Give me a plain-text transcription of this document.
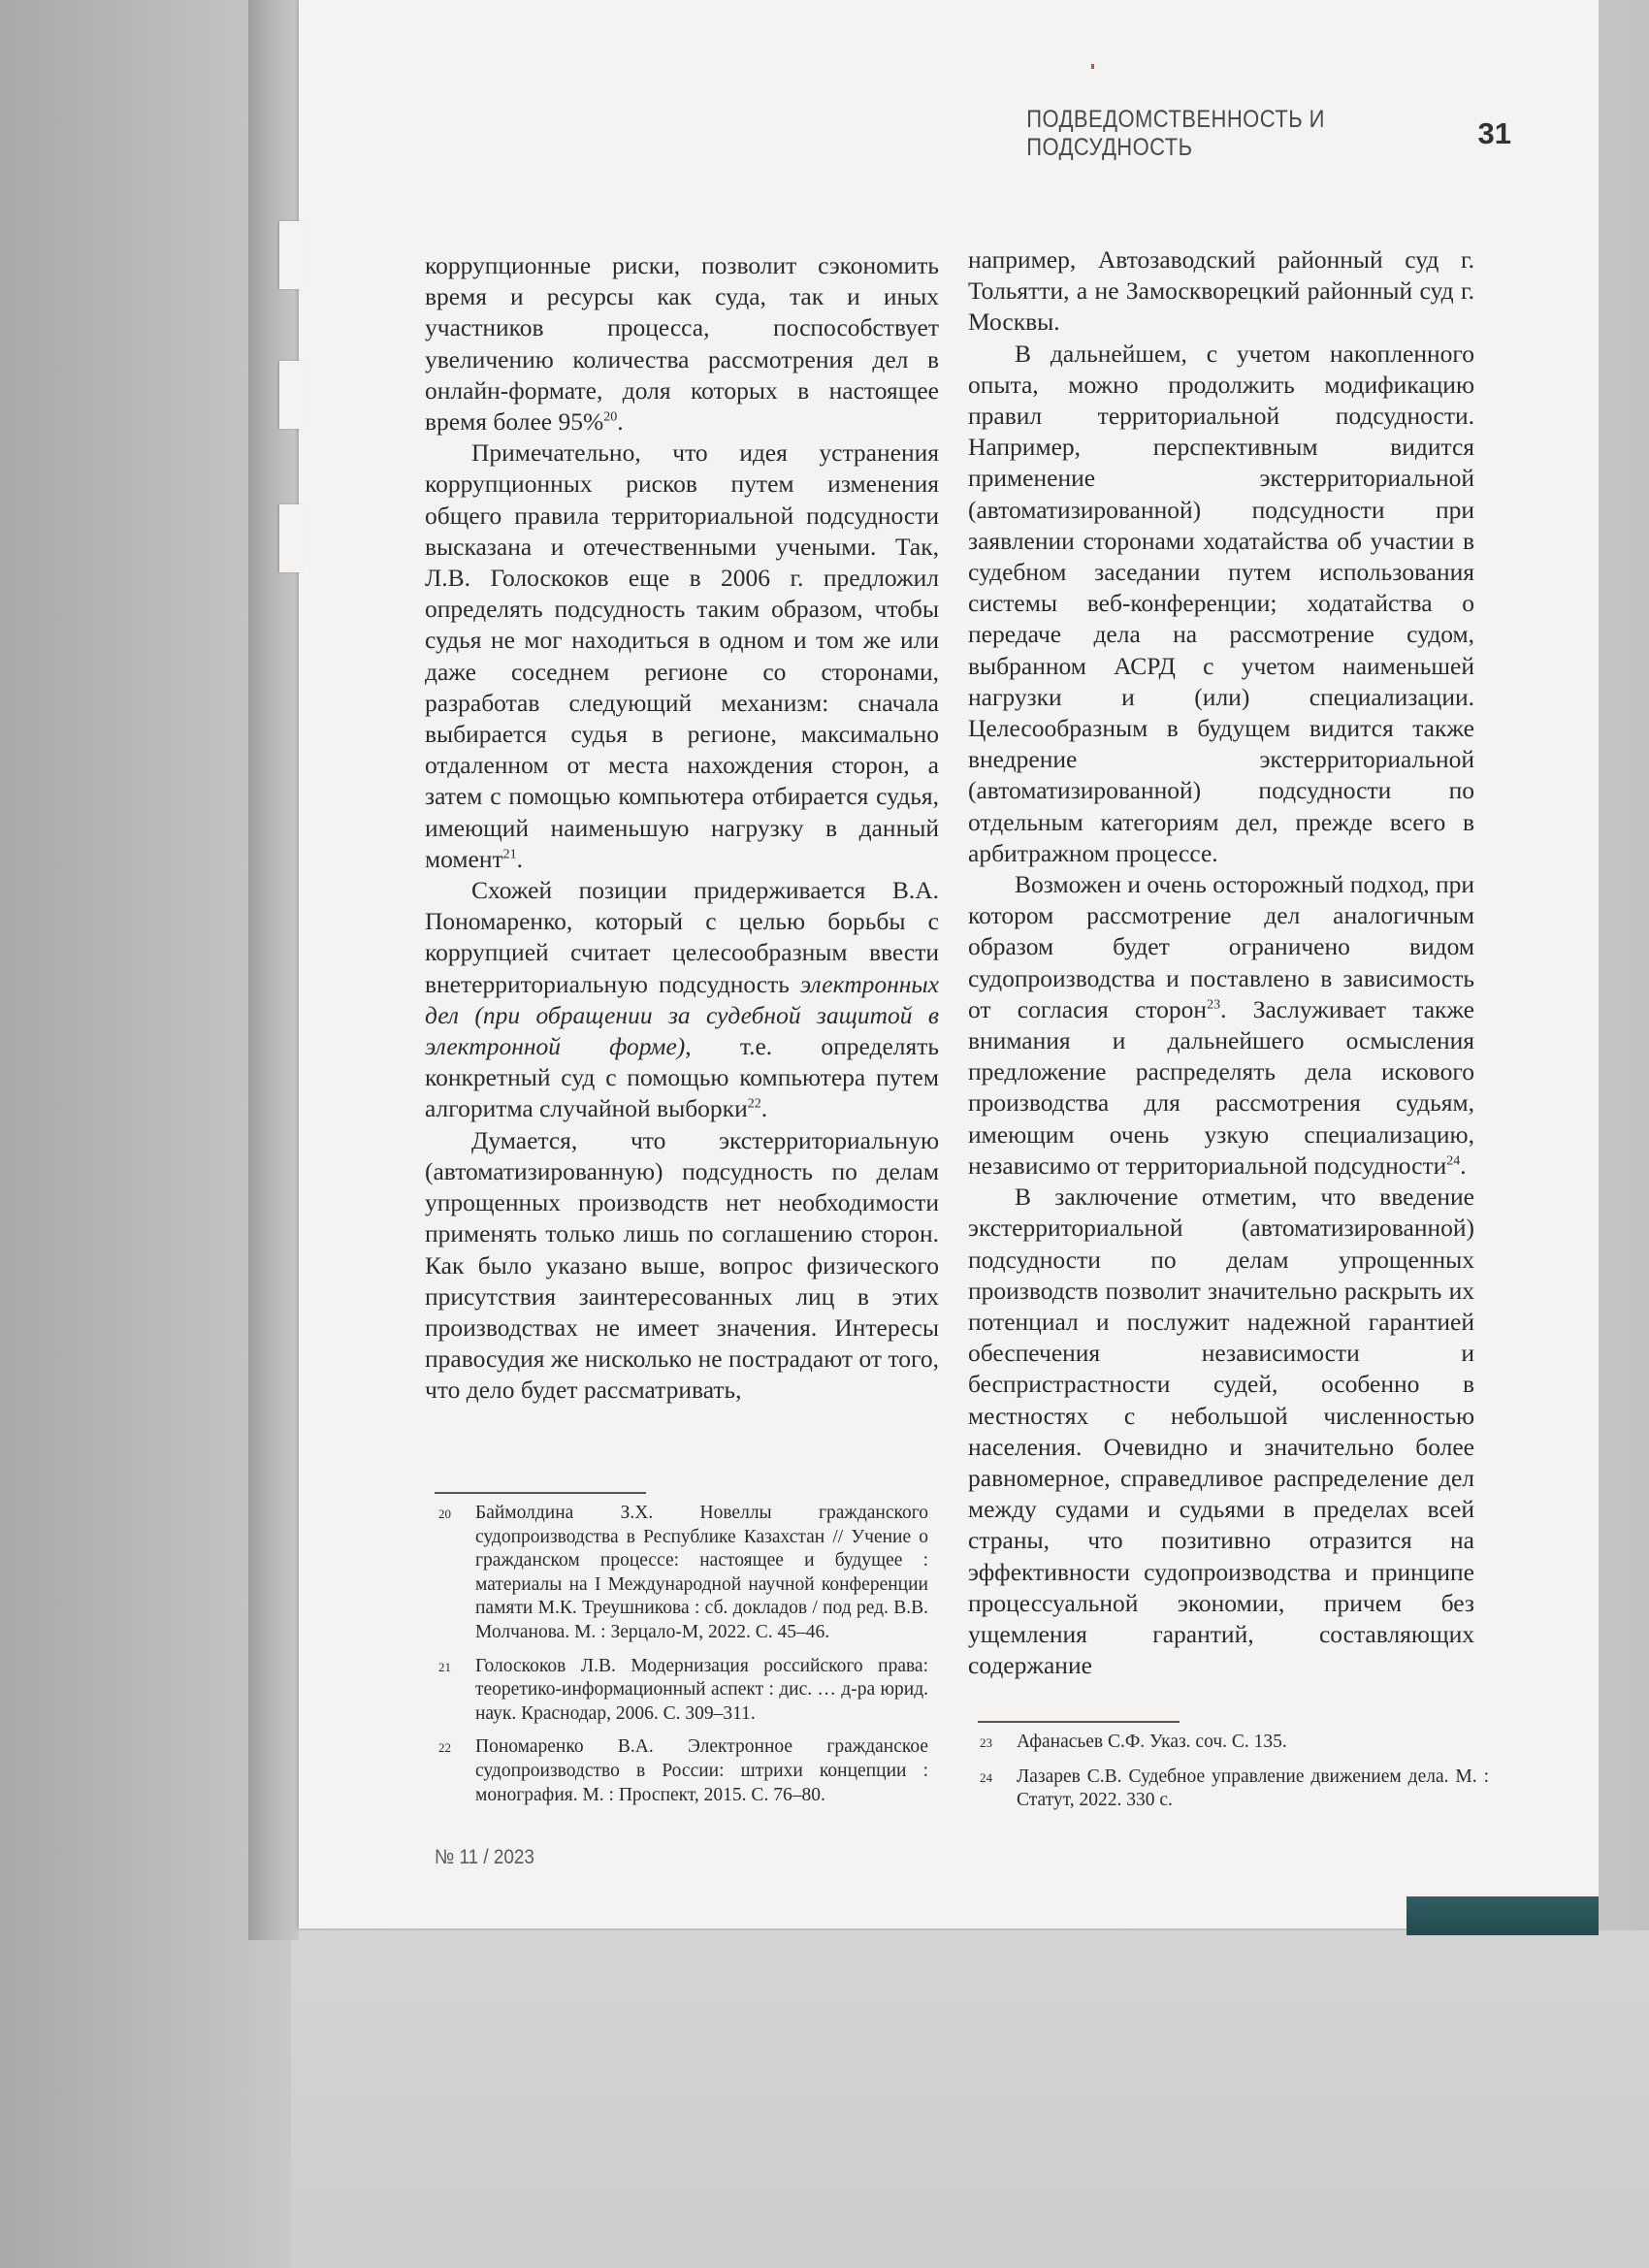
ПОДВЕДОМСТВЕННОСТЬ И ПОДСУДНОСТЬ	31

коррупционные риски, позволит сэкономить время и ресурсы как суда, так и иных участников процесса, поспособствует увеличению количества рассмотрения дел в онлайн-формате, доля которых в настоящее время более 95%$^{20}$.

Примечательно, что идея устранения коррупционных рисков путем изменения общего правила территориальной подсудности высказана и отечественными учеными. Так, Л.В. Голоскоков еще в 2006 г. предложил определять подсудность таким образом, чтобы судья не мог находиться в одном и том же или даже соседнем регионе со сторонами, разработав следующий механизм: сначала выбирается судья в регионе, максимально отдаленном от места нахождения сторон, а затем с помощью компьютера отбирается судья, имеющий наименьшую нагрузку в данный момент$^{21}$.

Схожей позиции придерживается В.А. Пономаренко, который с целью борьбы с коррупцией считает целесообразным ввести внетерриториальную подсудность электронных дел (при обращении за судебной защитой в электронной форме), т.е. определять конкретный суд с помощью компьютера путем алгоритма случайной выборки$^{22}$.

Думается, что экстерриториальную (автоматизированную) подсудность по делам упрощенных производств нет необходимости применять только лишь по соглашению сторон. Как было указано выше, вопрос физического присутствия заинтересованных лиц в этих производствах не имеет значения. Интересы правосудия же нисколько не пострадают от того, что дело будет рассматривать,

20	Баймолдина З.Х. Новеллы гражданского судопроизводства в Республике Казахстан // Учение о гражданском процессе: настоящее и будущее : материалы на I Международной научной конференции памяти М.К. Треушникова : сб. докладов / под ред. В.В. Молчанова. М. : Зерцало-М, 2022. С. 45–46.
21	Голоскоков Л.В. Модернизация российского права: теоретико-информационный аспект : дис. … д-ра юрид. наук. Краснодар, 2006. С. 309–311.
22	Пономаренко В.А. Электронное гражданское судопроизводство в России: штрихи концепции : монография. М. : Проспект, 2015. С. 76–80.

например, Автозаводский районный суд г. Тольятти, а не Замоскворецкий районный суд г. Москвы.

В дальнейшем, с учетом накопленного опыта, можно продолжить модификацию правил территориальной подсудности. Например, перспективным видится применение экстерриториальной (автоматизированной) подсудности при заявлении сторонами ходатайства об участии в судебном заседании путем использования системы веб-конференции; ходатайства о передаче дела на рассмотрение судом, выбранном АСРД с учетом наименьшей нагрузки и (или) специализации. Целесообразным в будущем видится также внедрение экстерриториальной (автоматизированной) подсудности по отдельным категориям дел, прежде всего в арбитражном процессе.

Возможен и очень осторожный подход, при котором рассмотрение дел аналогичным образом будет ограничено видом судопроизводства и поставлено в зависимость от согласия сторон$^{23}$. Заслуживает также внимания и дальнейшего осмысления предложение распределять дела искового производства для рассмотрения судьям, имеющим очень узкую специализацию, независимо от территориальной подсудности$^{24}$.

В заключение отметим, что введение экстерриториальной (автоматизированной) подсудности по делам упрощенных производств позволит значительно раскрыть их потенциал и послужит надежной гарантией обеспечения независимости и беспристрастности судей, особенно в местностях с небольшой численностью населения. Очевидно и значительно более равномерное, справедливое распределение дел между судами и судьями в пределах всей страны, что позитивно отразится на эффективности судопроизводства и принципе процессуальной экономии, причем без ущемления гарантий, составляющих содержание

23	Афанасьев С.Ф. Указ. соч. С. 135.
24	Лазарев С.В. Судебное управление движением дела. М. : Статут, 2022. 330 с.
№ 11 / 2023
